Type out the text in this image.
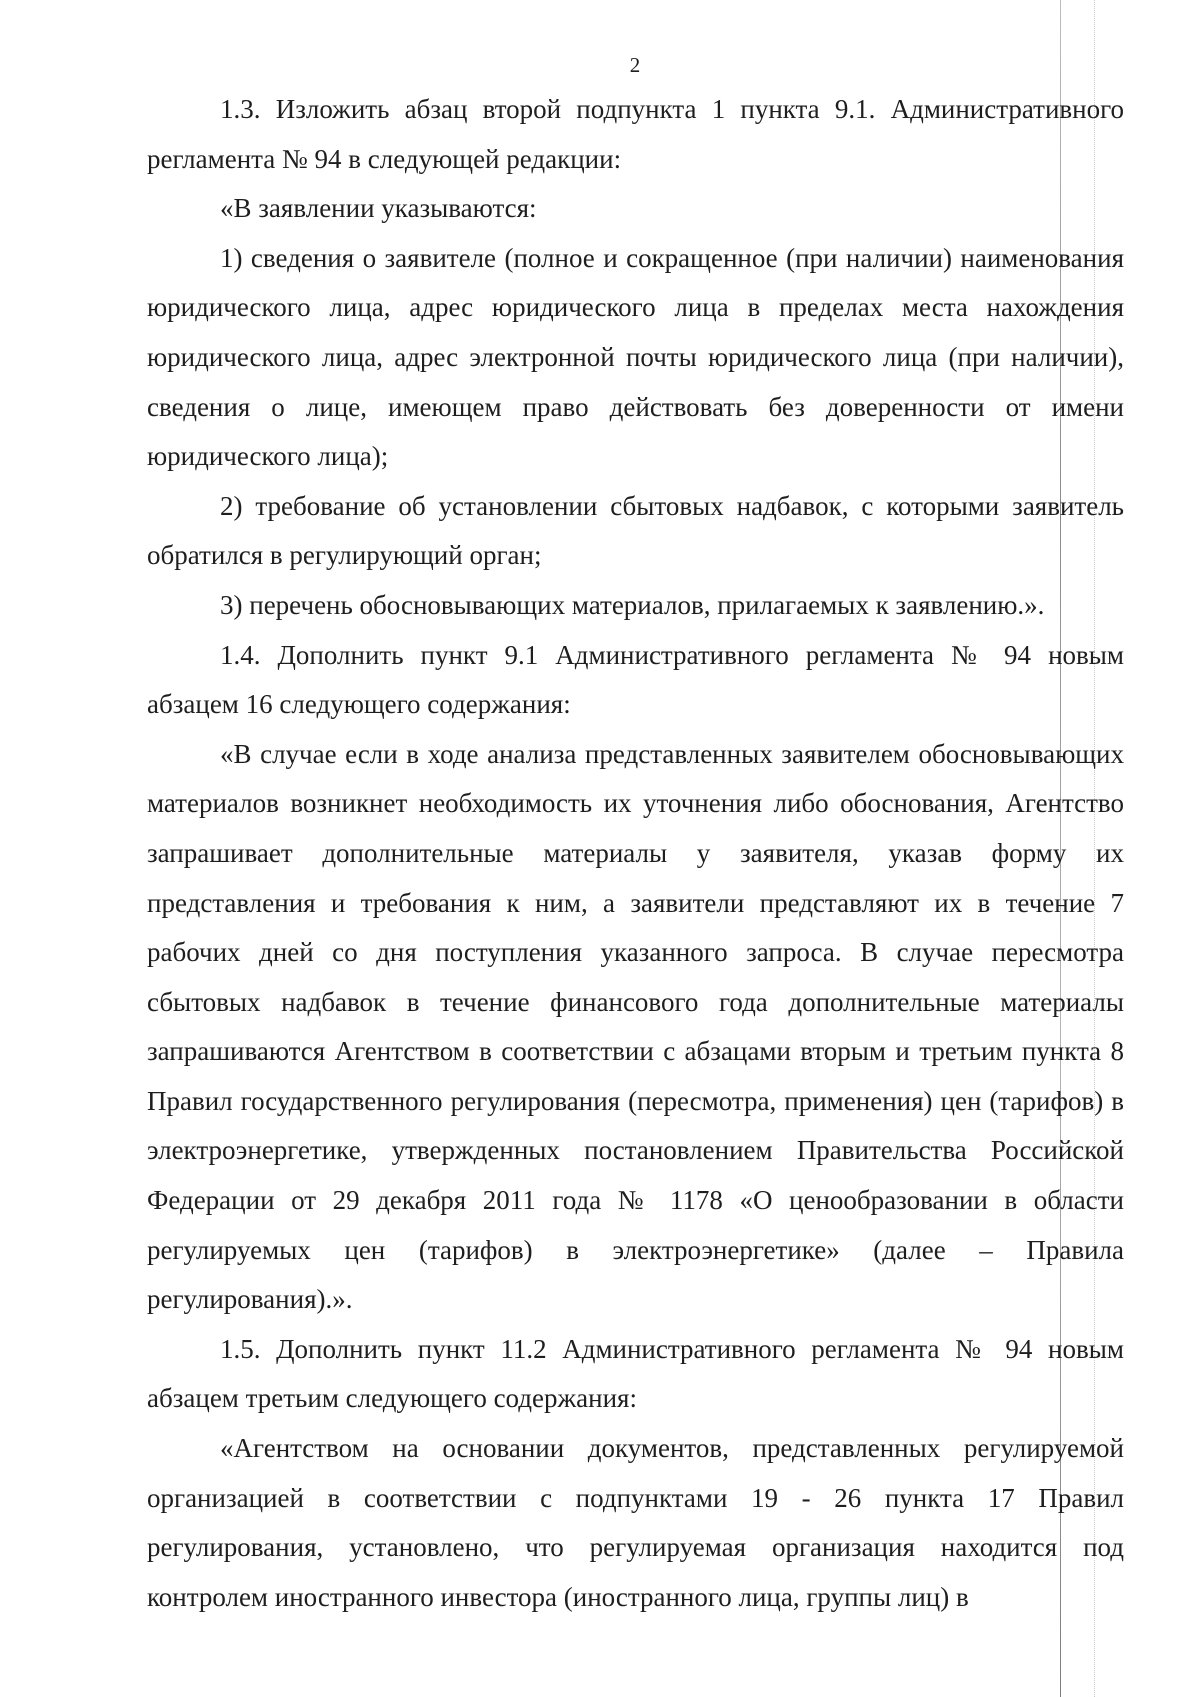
2

1.3. Изложить абзац второй подпункта 1 пункта 9.1. Административного регламента № 94 в следующей редакции:

«В заявлении указываются:

1) сведения о заявителе (полное и сокращенное (при наличии) наименования юридического лица, адрес юридического лица в пределах места нахождения юридического лица, адрес электронной почты юридического лица (при наличии), сведения о лице, имеющем право действовать без доверенности от имени юридического лица);

2) требование об установлении сбытовых надбавок, с которыми заявитель обратился в регулирующий орган;

3) перечень обосновывающих материалов, прилагаемых к заявлению.».

1.4. Дополнить пункт 9.1 Административного регламента № 94 новым абзацем 16 следующего содержания:

«В случае если в ходе анализа представленных заявителем обосновывающих материалов возникнет необходимость их уточнения либо обоснования, Агентство запрашивает дополнительные материалы у заявителя, указав форму их представления и требования к ним, а заявители представляют их в течение 7 рабочих дней со дня поступления указанного запроса. В случае пересмотра сбытовых надбавок в течение финансового года дополнительные материалы запрашиваются Агентством в соответствии с абзацами вторым и третьим пункта 8 Правил государственного регулирования (пересмотра, применения) цен (тарифов) в электроэнергетике, утвержденных постановлением Правительства Российской Федерации от 29 декабря 2011 года № 1178 «О ценообразовании в области регулируемых цен (тарифов) в электроэнергетике» (далее – Правила регулирования).».

1.5. Дополнить пункт 11.2 Административного регламента № 94 новым абзацем третьим следующего содержания:

«Агентством на основании документов, представленных регулируемой организацией в соответствии с подпунктами 19 - 26 пункта 17 Правил регулирования, установлено, что регулируемая организация находится под контролем иностранного инвестора (иностранного лица, группы лиц) в
